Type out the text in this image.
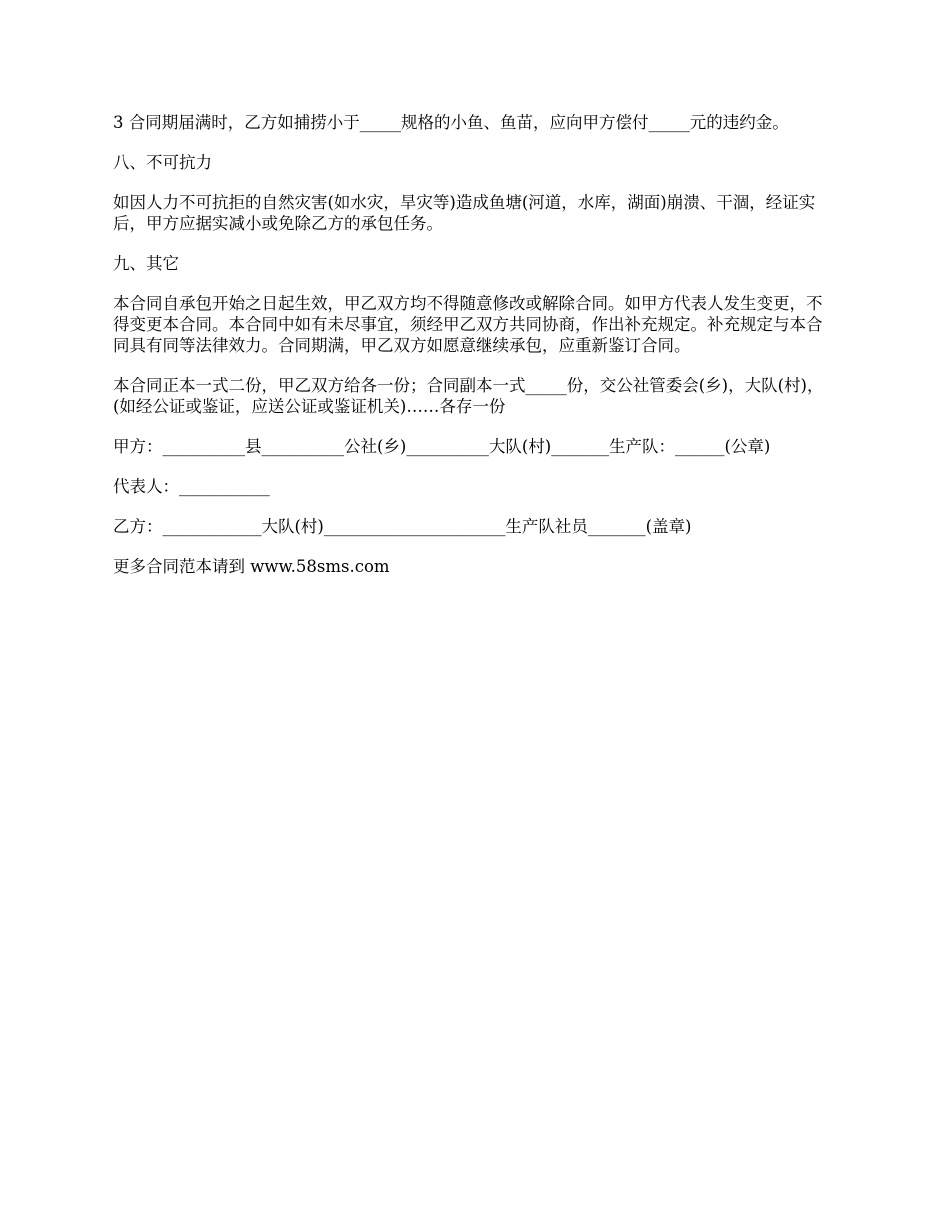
3 合同期届满时，乙方如捕捞小于_____规格的小鱼、鱼苗，应向甲方偿付_____元的违约金。

八、不可抗力

如因人力不可抗拒的自然灾害(如水灾，旱灾等)造成鱼塘(河道，水库，湖面)崩溃、干涸，经证实后，甲方应据实减小或免除乙方的承包任务。

九、其它

本合同自承包开始之日起生效，甲乙双方均不得随意修改或解除合同。如甲方代表人发生变更，不得变更本合同。本合同中如有未尽事宜，须经甲乙双方共同协商，作出补充规定。补充规定与本合同具有同等法律效力。合同期满，甲乙双方如愿意继续承包，应重新鉴订合同。

本合同正本一式二份，甲乙双方给各一份；合同副本一式_____份，交公社管委会(乡)，大队(村)，(如经公证或鉴证，应送公证或鉴证机关)……各存一份

甲方：__________县__________公社(乡)__________大队(村)_______生产队：______(公章)

代表人：___________

乙方：____________大队(村)______________________生产队社员_______(盖章)

更多合同范本请到 www.58sms.com
